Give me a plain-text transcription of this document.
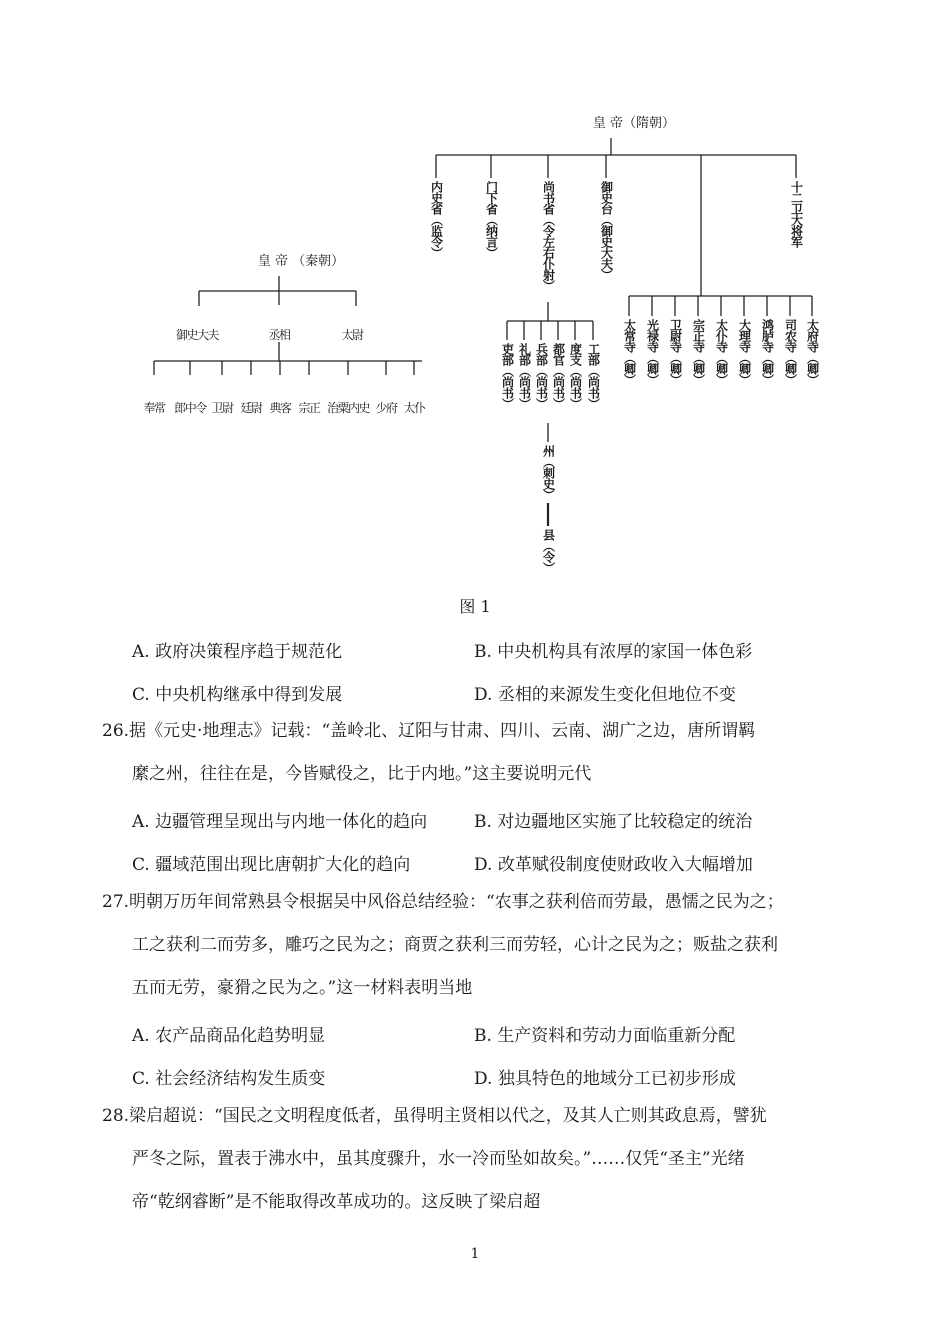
皇 帝（隋朝）
内史省（监令）	门下省（纳言）	尚书省（令左右仆射）	御史台（御史大夫）	十二卫大将军
吏部（尚书） 礼部（尚书） 兵部（尚书） 都官（尚书） 度支（尚书） 工部（尚书）
州（刺史）
县（令）
太常寺（卿） 光禄寺（卿） 卫尉寺（卿） 宗正寺（卿） 太仆寺（卿） 大理寺（卿） 鸿胪寺（卿） 司农寺（卿） 太府寺（卿）
皇 帝 （秦朝）
御史大夫	丞相	太尉
奉常 郎中令 卫尉 廷尉 典客 宗正 治粟内史 少府 太仆
图 1
A. 政府决策程序趋于规范化	B. 中央机构具有浓厚的家国一体色彩
C. 中央机构继承中得到发展	D. 丞相的来源发生变化但地位不变
26.据《元史·地理志》记载：“盖岭北、辽阳与甘肃、四川、云南、湖广之边，唐所谓羁
縻之州，往往在是，今皆赋役之，比于内地。”这主要说明元代
A. 边疆管理呈现出与内地一体化的趋向	B. 对边疆地区实施了比较稳定的统治
C. 疆域范围出现比唐朝扩大化的趋向	D. 改革赋役制度使财政收入大幅增加
27.明朝万历年间常熟县令根据吴中风俗总结经验：“农事之获利倍而劳最，愚懦之民为之；
工之获利二而劳多，雕巧之民为之；商贾之获利三而劳轻，心计之民为之；贩盐之获利
五而无劳，豪猾之民为之。”这一材料表明当地
A. 农产品商品化趋势明显	B. 生产资料和劳动力面临重新分配
C. 社会经济结构发生质变	D. 独具特色的地域分工已初步形成
28.梁启超说：“国民之文明程度低者，虽得明主贤相以代之，及其人亡则其政息焉，譬犹
严冬之际，置表于沸水中，虽其度骤升，水一冷而坠如故矣。”……仅凭“圣主”光绪
帝“乾纲睿断”是不能取得改革成功的。这反映了梁启超
1
